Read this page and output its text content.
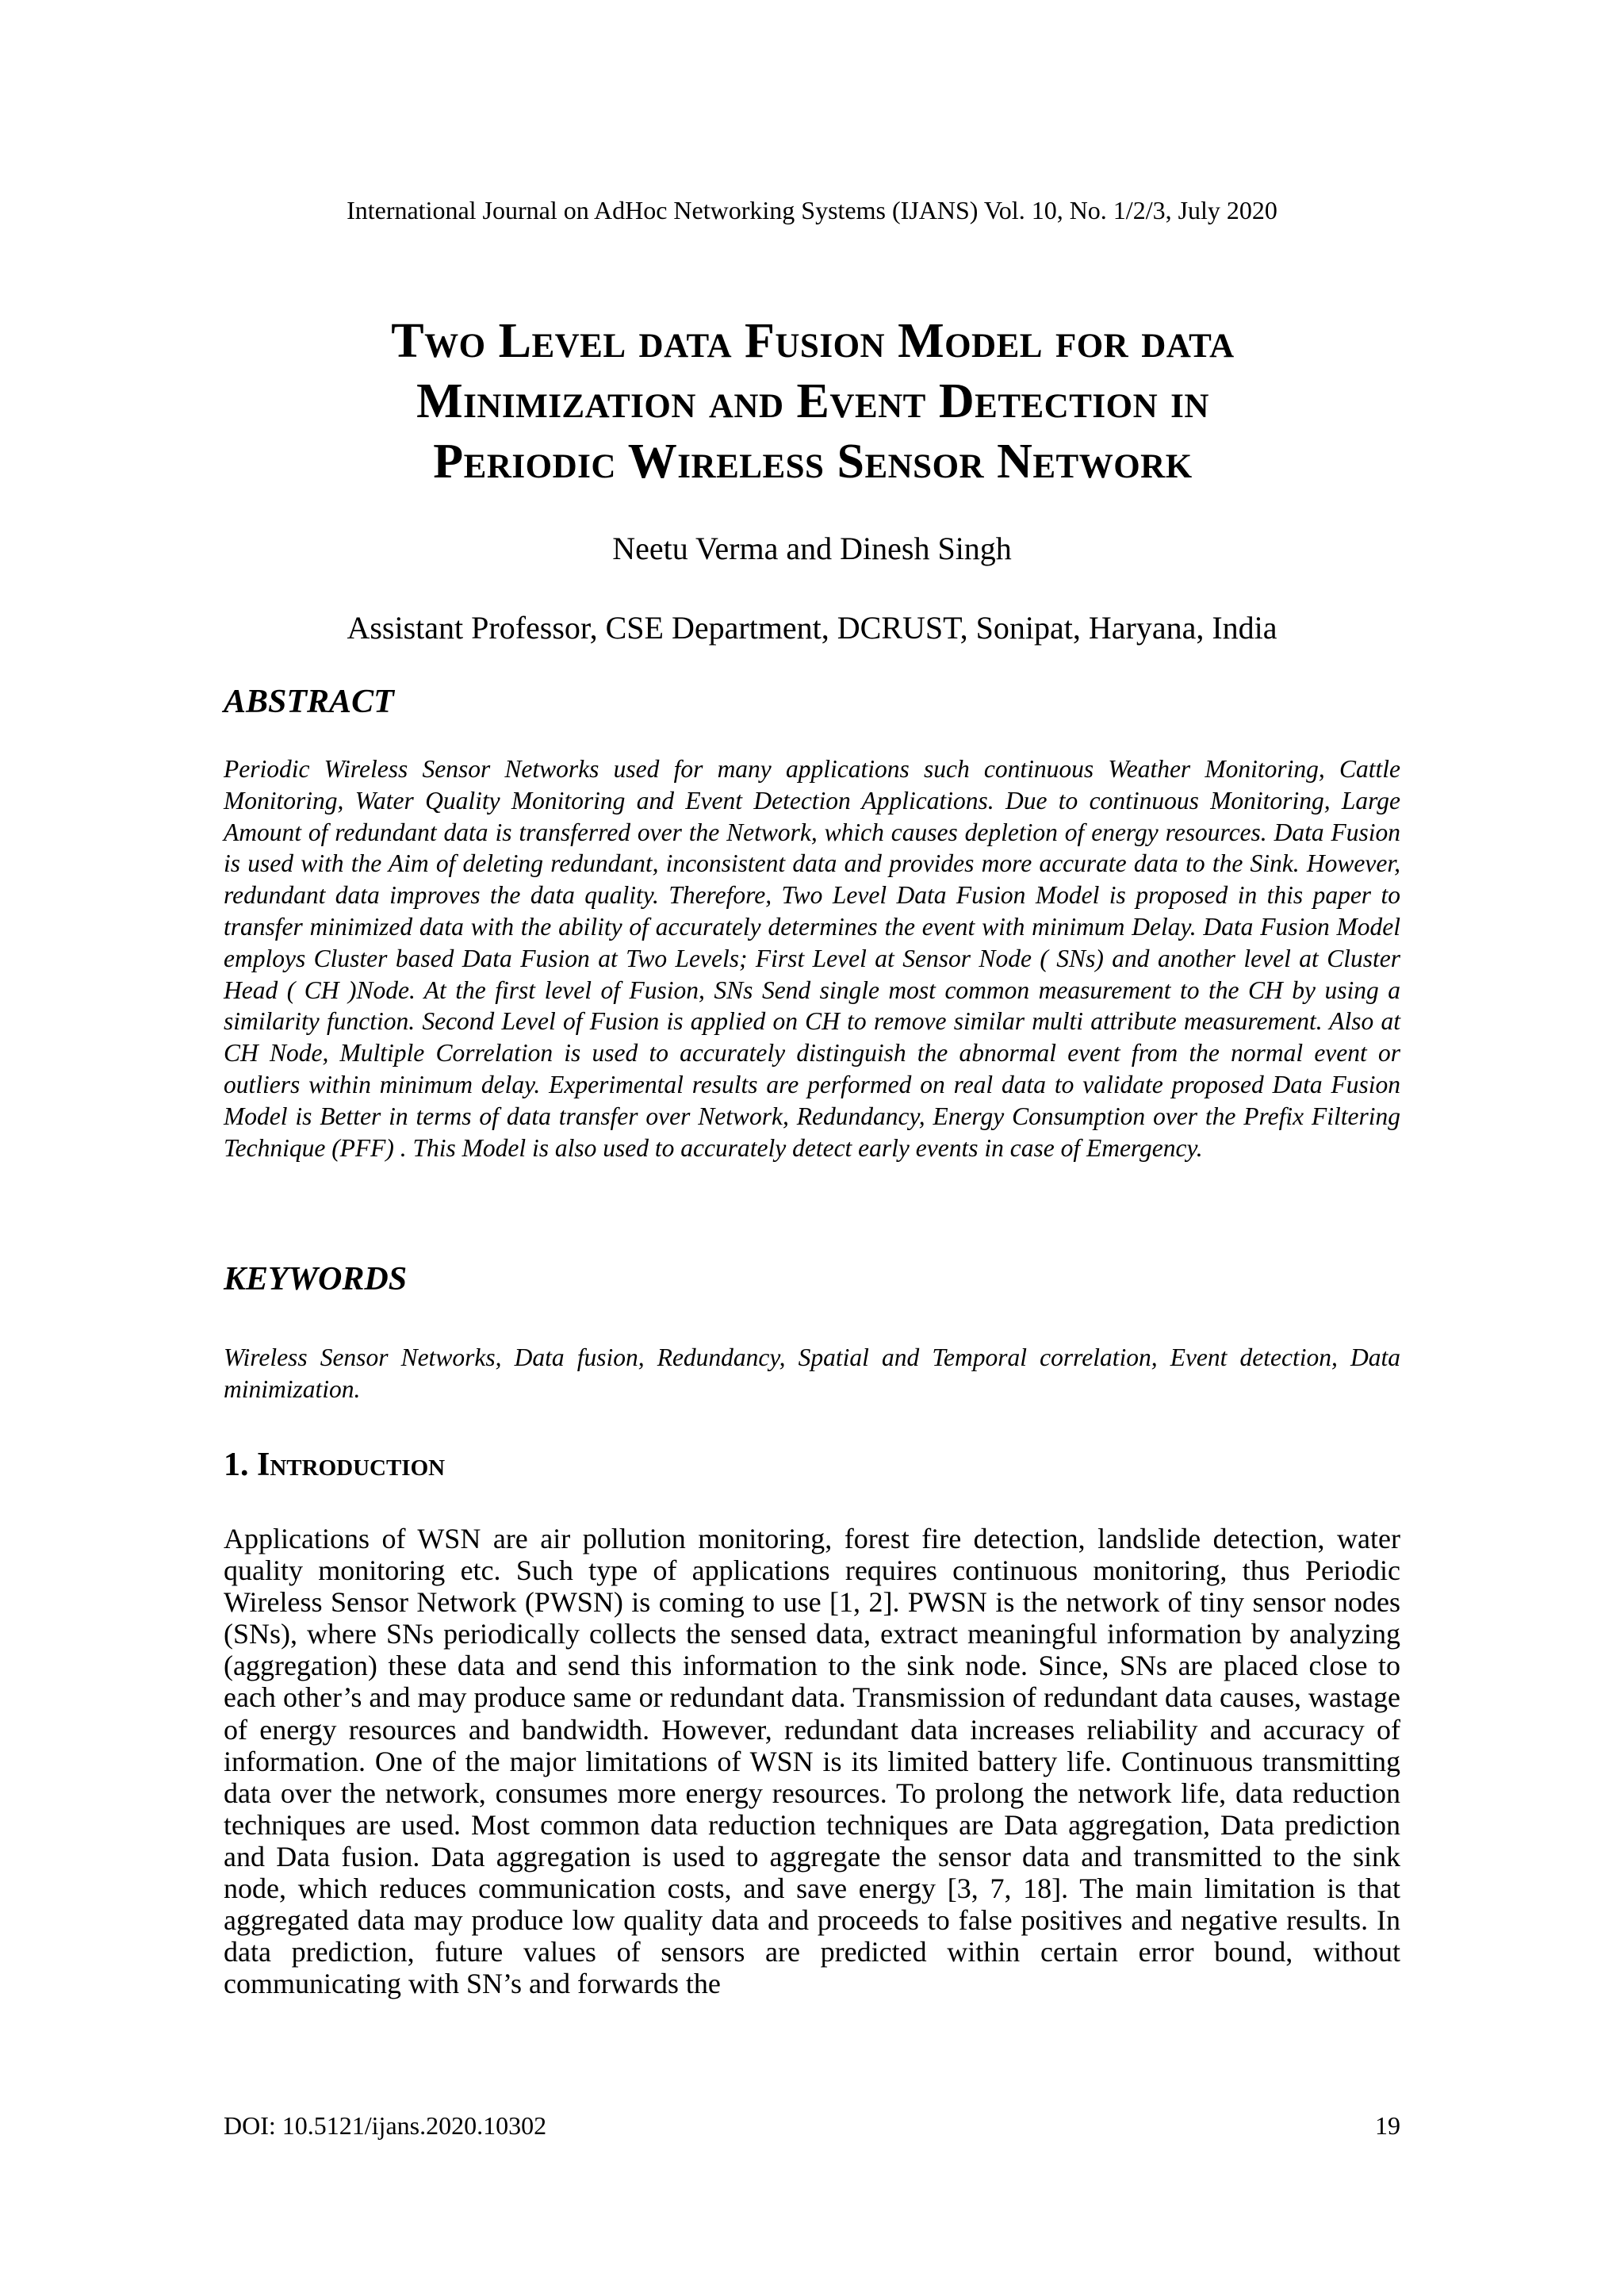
International Journal on AdHoc Networking Systems (IJANS) Vol. 10, No. 1/2/3, July 2020
Two Level data Fusion Model for data
Minimization and Event Detection in
Periodic Wireless Sensor Network
Neetu Verma and Dinesh Singh
Assistant Professor, CSE Department, DCRUST, Sonipat, Haryana, India
ABSTRACT
Periodic Wireless Sensor Networks used for many applications such continuous Weather Monitoring, Cattle Monitoring, Water Quality Monitoring and Event Detection Applications. Due to continuous Monitoring, Large Amount of redundant data is transferred over the Network, which causes depletion of energy resources. Data Fusion is used with the Aim of deleting redundant, inconsistent data and provides more accurate data to the Sink. However, redundant data improves the data quality. Therefore, Two Level Data Fusion Model is proposed in this paper to transfer minimized data with the ability of accurately determines the event with minimum Delay. Data Fusion Model employs Cluster based Data Fusion at Two Levels; First Level at Sensor Node ( SNs) and another level at Cluster Head ( CH )Node. At the first level of Fusion, SNs Send single most common measurement to the CH by using a similarity function. Second Level of Fusion is applied on CH to remove similar multi attribute measurement. Also at CH Node, Multiple Correlation is used to accurately distinguish the abnormal event from the normal event or outliers within minimum delay. Experimental results are performed on real data to validate proposed Data Fusion Model is Better in terms of data transfer over Network, Redundancy, Energy Consumption over the Prefix Filtering Technique (PFF) . This Model is also used to accurately detect early events in case of Emergency.
KEYWORDS
Wireless Sensor Networks, Data fusion, Redundancy, Spatial and Temporal correlation, Event detection, Data minimization.
1. Introduction
Applications of WSN are air pollution monitoring, forest fire detection, landslide detection, water quality monitoring etc. Such type of applications requires continuous monitoring, thus Periodic Wireless Sensor Network (PWSN) is coming to use [1, 2]. PWSN is the network of tiny sensor nodes (SNs), where SNs periodically collects the sensed data, extract meaningful information by analyzing (aggregation) these data and send this information to the sink node. Since, SNs are placed close to each other’s and may produce same or redundant data. Transmission of redundant data causes, wastage of energy resources and bandwidth. However, redundant data increases reliability and accuracy of information. One of the major limitations of WSN is its limited battery life. Continuous transmitting data over the network, consumes more energy resources. To prolong the network life, data reduction techniques are used. Most common data reduction techniques are Data aggregation, Data prediction and Data fusion. Data aggregation is used to aggregate the sensor data and transmitted to the sink node, which reduces communication costs, and save energy [3, 7, 18]. The main limitation is that aggregated data may produce low quality data and proceeds to false positives and negative results. In data prediction, future values of sensors are predicted within certain error bound, without communicating with SN’s and forwards the
DOI: 10.5121/ijans.2020.10302	19
